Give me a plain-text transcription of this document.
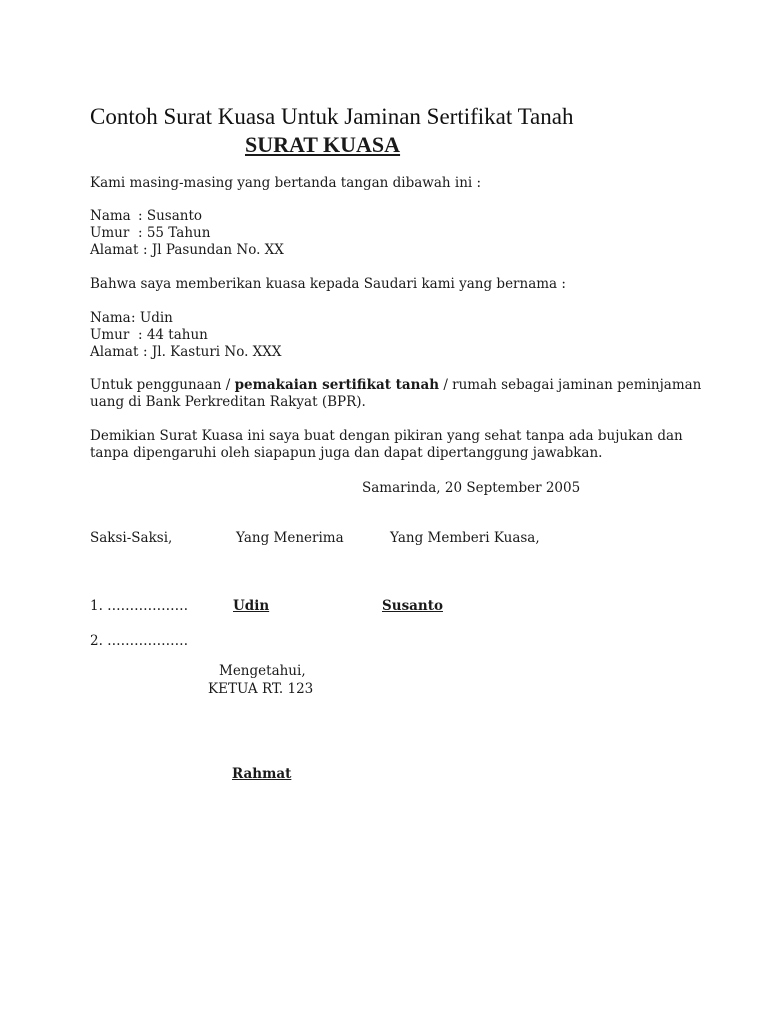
Contoh Surat Kuasa Untuk Jaminan Sertifikat Tanah
SURAT KUASA
Kami masing-masing yang bertanda tangan dibawah ini :
Nama : Susanto
Umur : 55 Tahun
Alamat : Jl Pasundan No. XX
Bahwa saya memberikan kuasa kepada Saudari kami yang bernama :
Nama: Udin
Umur : 44 tahun
Alamat : Jl. Kasturi No. XXX
Untuk penggunaan / pemakaian sertifikat tanah / rumah sebagai jaminan peminjaman
uang di Bank Perkreditan Rakyat (BPR).
Demikian Surat Kuasa ini saya buat dengan pikiran yang sehat tanpa ada bujukan dan
tanpa dipengaruhi oleh siapapun juga dan dapat dipertanggung jawabkan.
Samarinda, 20 September 2005
Saksi-Saksi,	Yang Menerima	Yang Memberi Kuasa,
1. ………………	Udin	Susanto
2. ………………
Mengetahui,
KETUA RT. 123
Rahmat
